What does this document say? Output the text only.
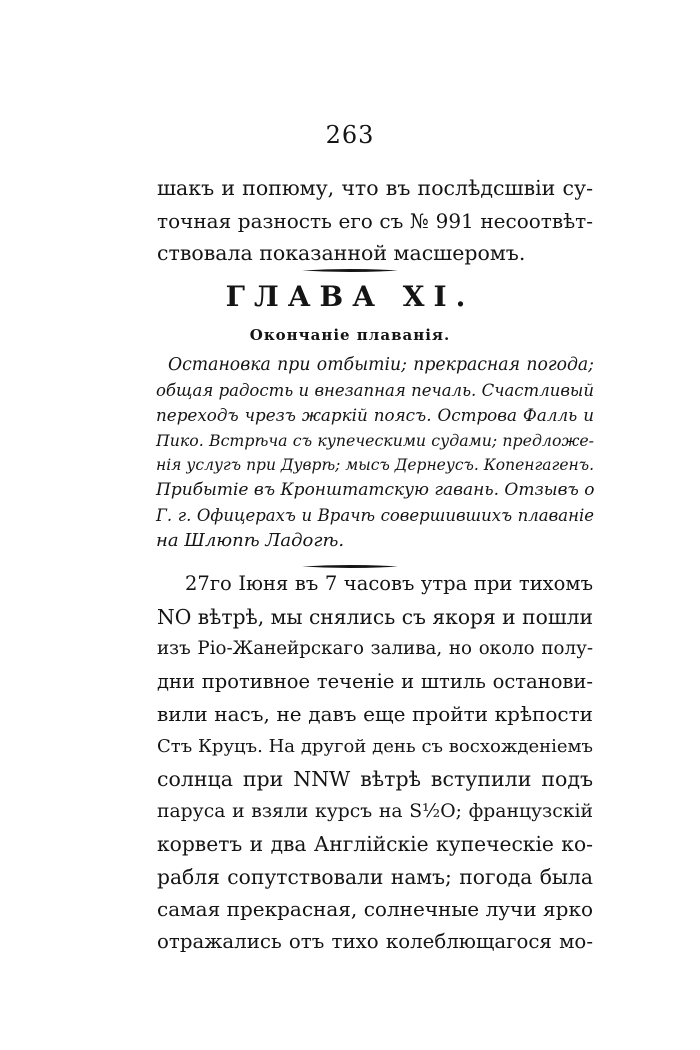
263
шакъ и попюму, что въ послѣдсшвіи су-
точная разность его съ № 991 несоотвѣт-
ствовала показанной масшеромъ.
ГЛАВА XI.
Окончаніе плаванія.
Остановка при отбытіи; прекрасная погода;
общая радость и внезапная печаль. Счастливый
переходъ чрезъ жаркій поясъ. Острова Фалль и
Пико. Встрѣча съ купеческими судами; предложе-
нія услугъ при Дуврѣ; мысъ Дернеусъ. Копенгагенъ.
Прибытіе въ Кронштатскую гавань. Отзывъ о
Г. г. Офицерахъ и Врачѣ совершившихъ плаваніе
на Шлюпѣ Ладогѣ.
27го Іюня въ 7 часовъ утра при тихомъ
NO вѣтрѣ, мы снялись съ якоря и пошли
изъ Ріо-Жанейрскаго залива, но около полу-
дни противное теченіе и штиль останови-
вили насъ, не давъ еще пройти крѣпости
Стъ Круцъ. На другой день съ восхожденіемъ
солнца при NNW вѣтрѣ вступили подъ
паруса и взяли курсъ на S½O; французскій
корветъ и два Англійскіе купеческіе ко-
рабля сопутствовали намъ; погода была
самая прекрасная, солнечные лучи ярко
отражались отъ тихо колеблющагося мо-
